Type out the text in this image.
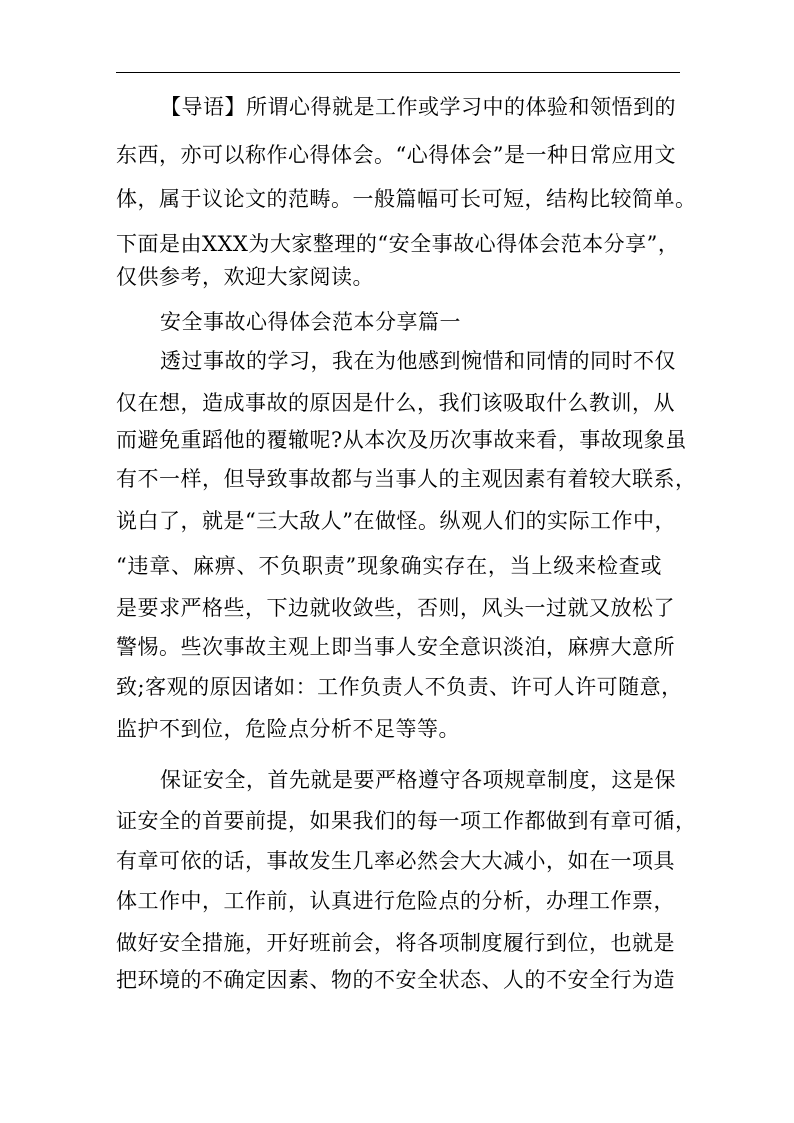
【导语】所谓心得就是工作或学习中的体验和领悟到的
东西，亦可以称作心得体会。“心得体会”是一种日常应用文
体，属于议论文的范畴。一般篇幅可长可短，结构比较简单。
下面是由XXX为大家整理的“安全事故心得体会范本分享”，
仅供参考，欢迎大家阅读。
安全事故心得体会范本分享篇一
透过事故的学习，我在为他感到惋惜和同情的同时不仅
仅在想，造成事故的原因是什么，我们该吸取什么教训，从
而避免重蹈他的覆辙呢?从本次及历次事故来看，事故现象虽
有不一样，但导致事故都与当事人的主观因素有着较大联系，
说白了，就是“三大敌人”在做怪。纵观人们的实际工作中，
“违章、麻痹、不负职责”现象确实存在，当上级来检查或
是要求严格些，下边就收敛些，否则，风头一过就又放松了
警惕。些次事故主观上即当事人安全意识淡泊，麻痹大意所
致;客观的原因诸如：工作负责人不负责、许可人许可随意，
监护不到位，危险点分析不足等等。
保证安全，首先就是要严格遵守各项规章制度，这是保
证安全的首要前提，如果我们的每一项工作都做到有章可循，
有章可依的话，事故发生几率必然会大大减小，如在一项具
体工作中，工作前，认真进行危险点的分析，办理工作票，
做好安全措施，开好班前会，将各项制度履行到位，也就是
把环境的不确定因素、物的不安全状态、人的不安全行为造
